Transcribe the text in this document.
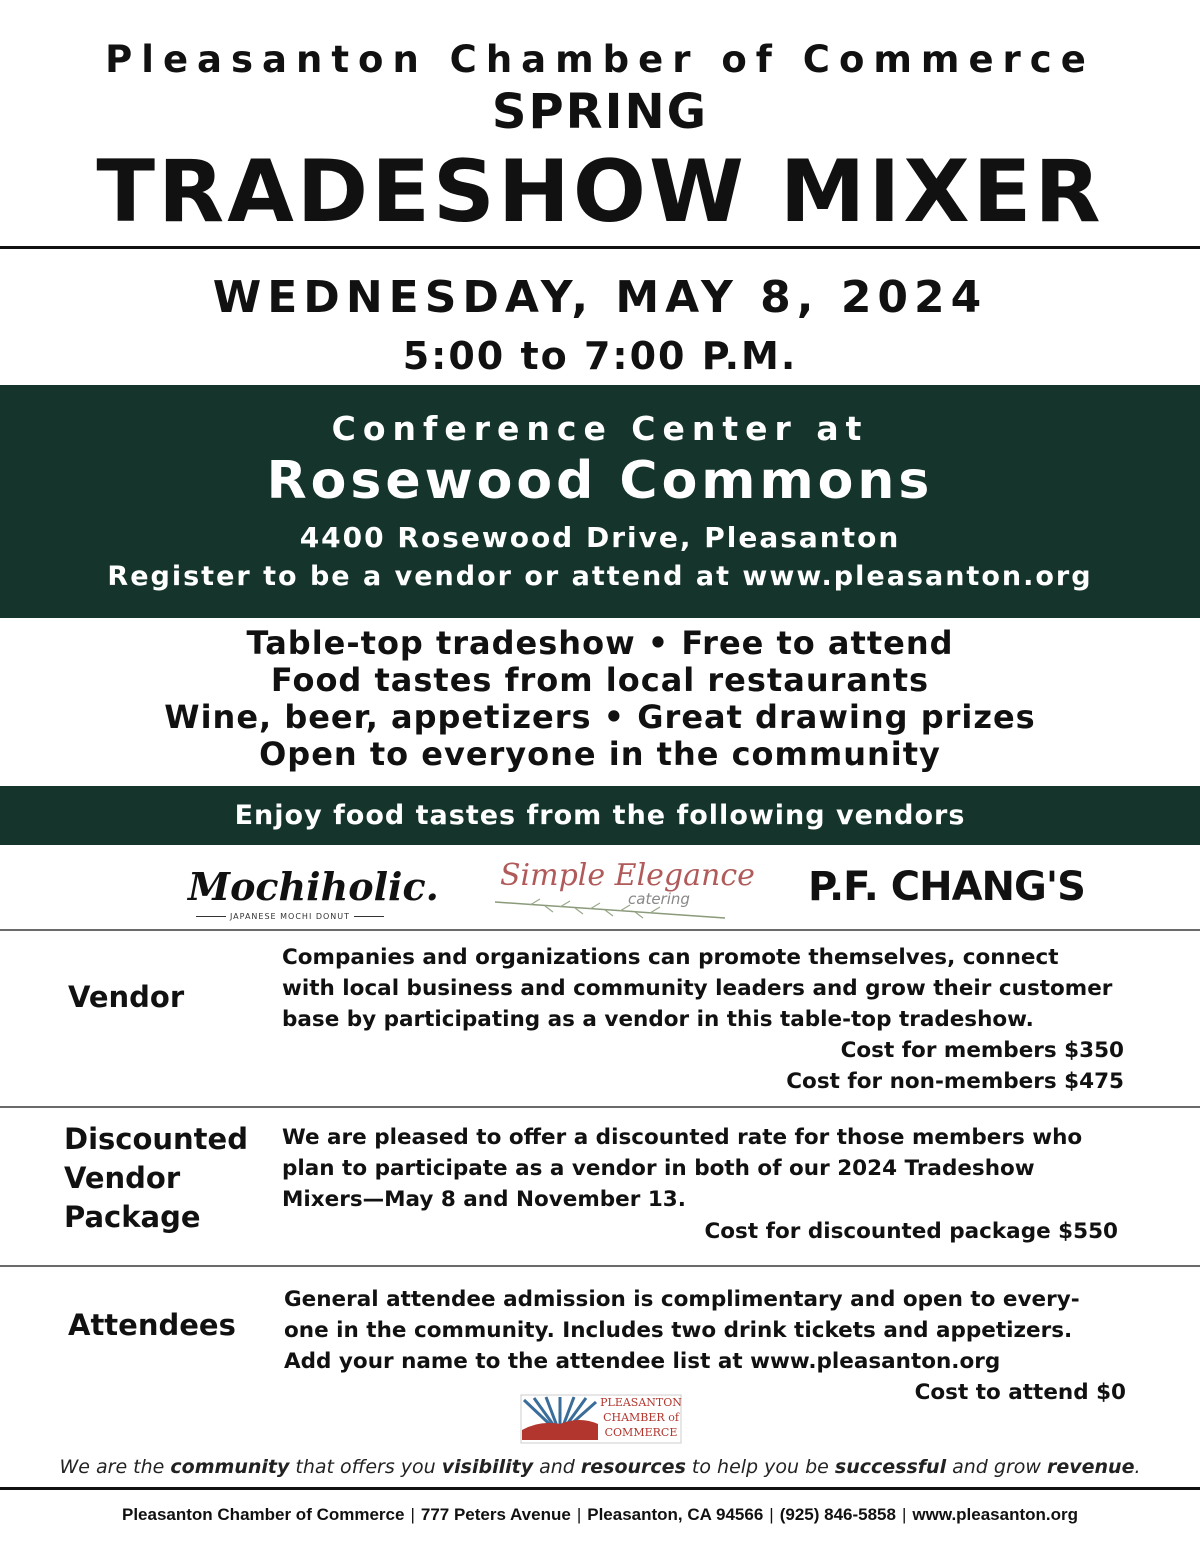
Pleasanton Chamber of Commerce
SPRING
TRADESHOW MIXER
WEDNESDAY, MAY 8, 2024
5:00 to 7:00 P.M.
Conference Center at
Rosewood Commons
4400 Rosewood Drive, Pleasanton
Register to be a vendor or attend at www.pleasanton.org
Table-top tradeshow • Free to attend
Food tastes from local restaurants
Wine, beer, appetizers • Great drawing prizes
Open to everyone in the community
Enjoy food tastes from the following vendors
Mochiholic.
JAPANESE MOCHI DONUT
Simple Elegance
catering	P.F. CHANG'S
Vendor
Companies and organizations can promote themselves, connect
with local business and community leaders and grow their customer
base by participating as a vendor in this table-top tradeshow.
Cost for members $350
Cost for non-members $475
Discounted
Vendor
Package
We are pleased to offer a discounted rate for those members who
plan to participate as a vendor in both of our 2024 Tradeshow
Mixers—May 8 and November 13.
Cost for discounted package $550
Attendees
General attendee admission is complimentary and open to every-
one in the community. Includes two drink tickets and appetizers.
Add your name to the attendee list at www.pleasanton.org
Cost to attend $0
PLEASANTON
CHAMBER of
COMMERCE
We are the community that offers you visibility and resources to help you be successful and grow revenue.
Pleasanton Chamber of Commerce | 777 Peters Avenue | Pleasanton, CA 94566 | (925) 846-5858 | www.pleasanton.org
